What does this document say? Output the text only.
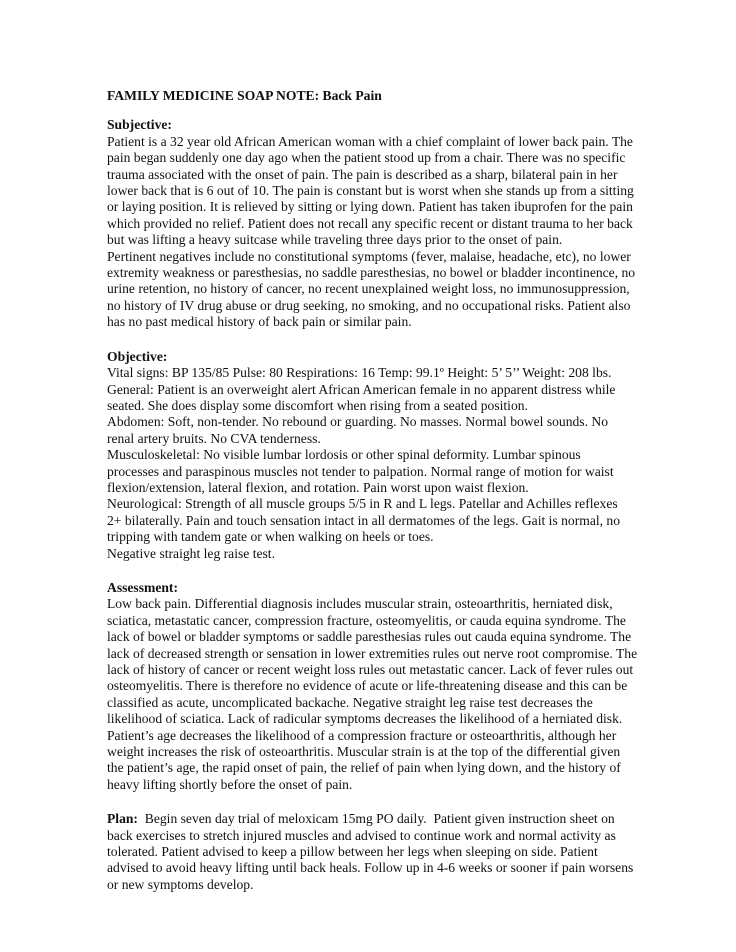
FAMILY MEDICINE SOAP NOTE: Back Pain
Subjective:
Patient is a 32 year old African American woman with a chief complaint of lower back pain. The
pain began suddenly one day ago when the patient stood up from a chair. There was no specific
trauma associated with the onset of pain. The pain is described as a sharp, bilateral pain in her
lower back that is 6 out of 10. The pain is constant but is worst when she stands up from a sitting
or laying position. It is relieved by sitting or lying down. Patient has taken ibuprofen for the pain
which provided no relief. Patient does not recall any specific recent or distant trauma to her back
but was lifting a heavy suitcase while traveling three days prior to the onset of pain.
Pertinent negatives include no constitutional symptoms (fever, malaise, headache, etc), no lower
extremity weakness or paresthesias, no saddle paresthesias, no bowel or bladder incontinence, no
urine retention, no history of cancer, no recent unexplained weight loss, no immunosuppression,
no history of IV drug abuse or drug seeking, no smoking, and no occupational risks. Patient also
has no past medical history of back pain or similar pain.
Objective:
Vital signs: BP 135/85 Pulse: 80 Respirations: 16 Temp: 99.1º Height: 5’ 5’’ Weight: 208 lbs.
General: Patient is an overweight alert African American female in no apparent distress while
seated. She does display some discomfort when rising from a seated position.
Abdomen: Soft, non-tender. No rebound or guarding. No masses. Normal bowel sounds. No
renal artery bruits. No CVA tenderness.
Musculoskeletal: No visible lumbar lordosis or other spinal deformity. Lumbar spinous
processes and paraspinous muscles not tender to palpation. Normal range of motion for waist
flexion/extension, lateral flexion, and rotation. Pain worst upon waist flexion.
Neurological: Strength of all muscle groups 5/5 in R and L legs. Patellar and Achilles reflexes
2+ bilaterally. Pain and touch sensation intact in all dermatomes of the legs. Gait is normal, no
tripping with tandem gate or when walking on heels or toes.
Negative straight leg raise test.
Assessment:
Low back pain. Differential diagnosis includes muscular strain, osteoarthritis, herniated disk,
sciatica, metastatic cancer, compression fracture, osteomyelitis, or cauda equina syndrome. The
lack of bowel or bladder symptoms or saddle paresthesias rules out cauda equina syndrome. The
lack of decreased strength or sensation in lower extremities rules out nerve root compromise. The
lack of history of cancer or recent weight loss rules out metastatic cancer. Lack of fever rules out
osteomyelitis. There is therefore no evidence of acute or life-threatening disease and this can be
classified as acute, uncomplicated backache. Negative straight leg raise test decreases the
likelihood of sciatica. Lack of radicular symptoms decreases the likelihood of a herniated disk.
Patient’s age decreases the likelihood of a compression fracture or osteoarthritis, although her
weight increases the risk of osteoarthritis. Muscular strain is at the top of the differential given
the patient’s age, the rapid onset of pain, the relief of pain when lying down, and the history of
heavy lifting shortly before the onset of pain.
Plan:  Begin seven day trial of meloxicam 15mg PO daily.  Patient given instruction sheet on
back exercises to stretch injured muscles and advised to continue work and normal activity as
tolerated. Patient advised to keep a pillow between her legs when sleeping on side. Patient
advised to avoid heavy lifting until back heals. Follow up in 4-6 weeks or sooner if pain worsens
or new symptoms develop.
